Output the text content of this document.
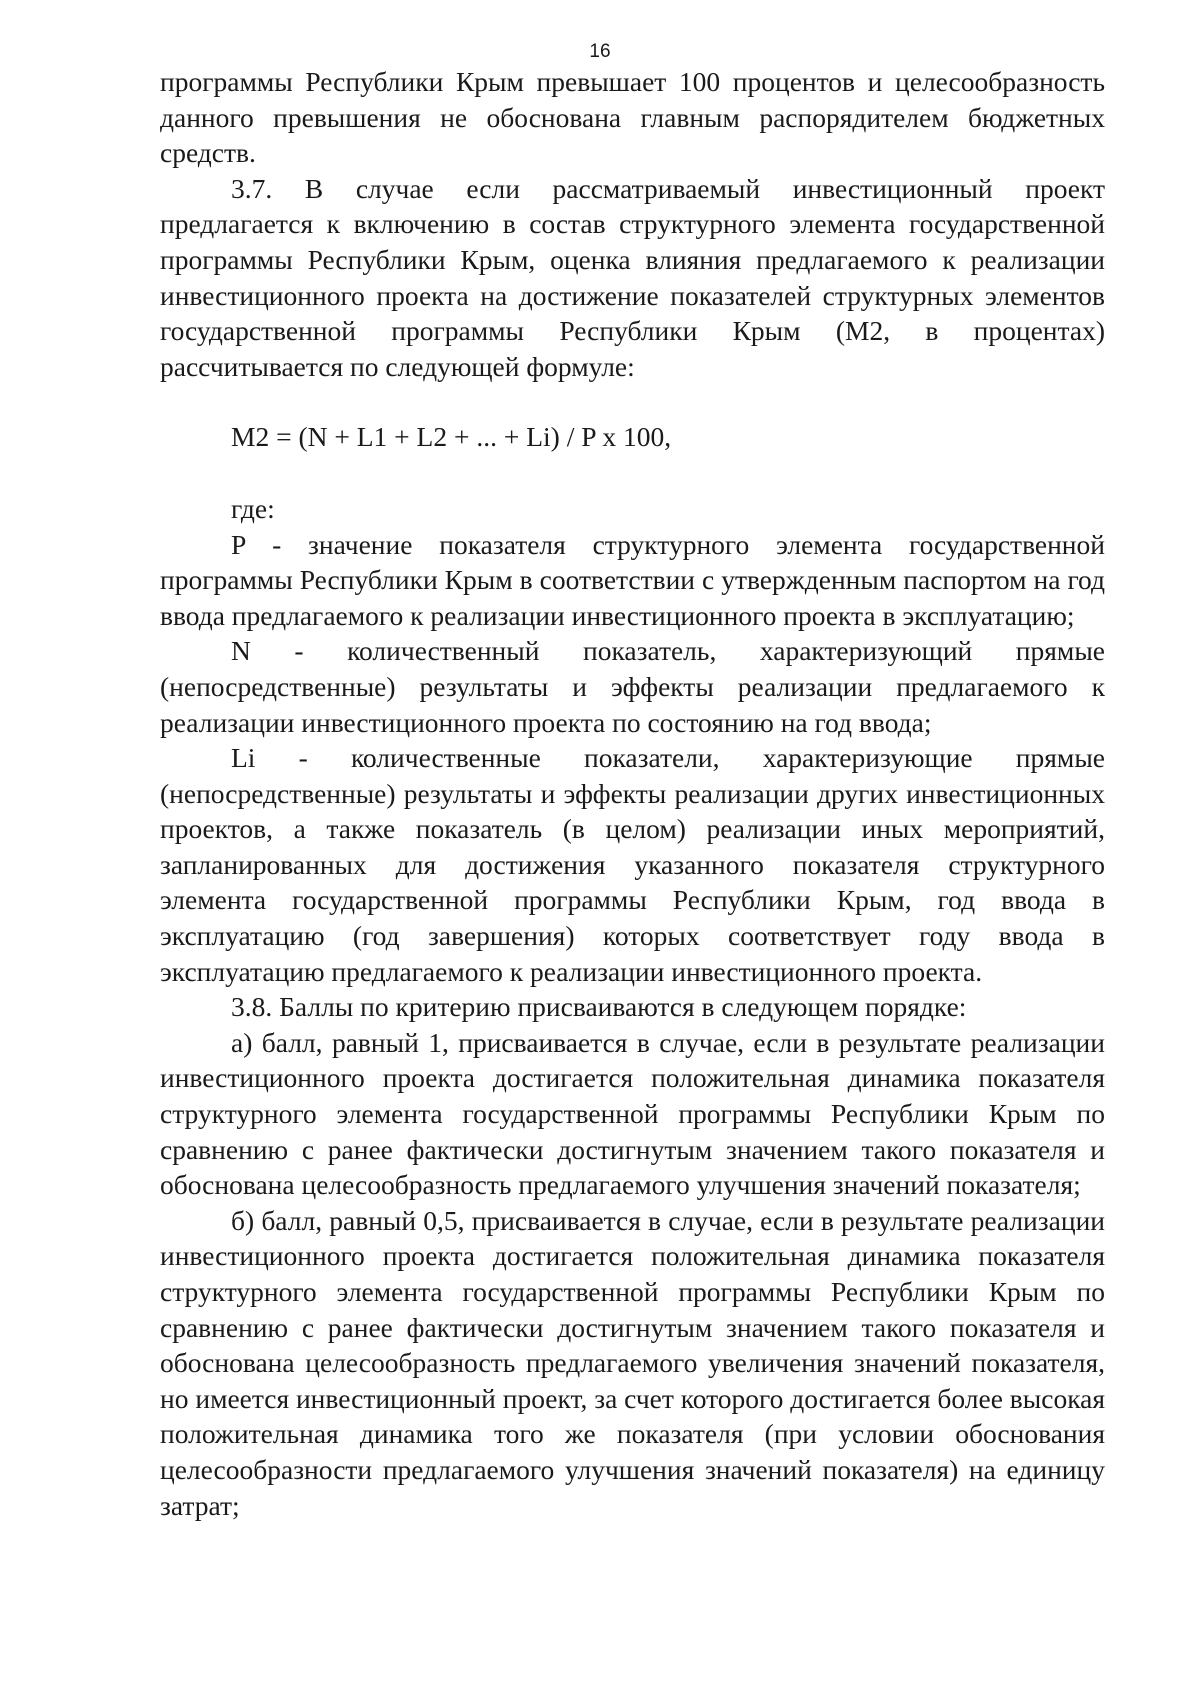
16

программы Республики Крым превышает 100 процентов и целесообразность данного превышения не обоснована главным распорядителем бюджетных средств.

3.7. В случае если рассматриваемый инвестиционный проект предлагается к включению в состав структурного элемента государственной программы Республики Крым, оценка влияния предлагаемого к реализации инвестиционного проекта на достижение показателей структурных элементов государственной программы Республики Крым (М2, в процентах) рассчитывается по следующей формуле:

М2 = (N + L1 + L2 + ... + Li) / P x 100,

где:

P - значение показателя структурного элемента государственной программы Республики Крым в соответствии с утвержденным паспортом на год ввода предлагаемого к реализации инвестиционного проекта в эксплуатацию;

N - количественный показатель, характеризующий прямые (непосредственные) результаты и эффекты реализации предлагаемого к реализации инвестиционного проекта по состоянию на год ввода;

Li - количественные показатели, характеризующие прямые (непосредственные) результаты и эффекты реализации других инвестиционных проектов, а также показатель (в целом) реализации иных мероприятий, запланированных для достижения указанного показателя структурного элемента государственной программы Республики Крым, год ввода в эксплуатацию (год завершения) которых соответствует году ввода в эксплуатацию предлагаемого к реализации инвестиционного проекта.

3.8. Баллы по критерию присваиваются в следующем порядке:

а) балл, равный 1, присваивается в случае, если в результате реализации инвестиционного проекта достигается положительная динамика показателя структурного элемента государственной программы Республики Крым по сравнению с ранее фактически достигнутым значением такого показателя и обоснована целесообразность предлагаемого улучшения значений показателя;

б) балл, равный 0,5, присваивается в случае, если в результате реализации инвестиционного проекта достигается положительная динамика показателя структурного элемента государственной программы Республики Крым по сравнению с ранее фактически достигнутым значением такого показателя и обоснована целесообразность предлагаемого увеличения значений показателя, но имеется инвестиционный проект, за счет которого достигается более высокая положительная динамика того же показателя (при условии обоснования целесообразности предлагаемого улучшения значений показателя) на единицу затрат;
